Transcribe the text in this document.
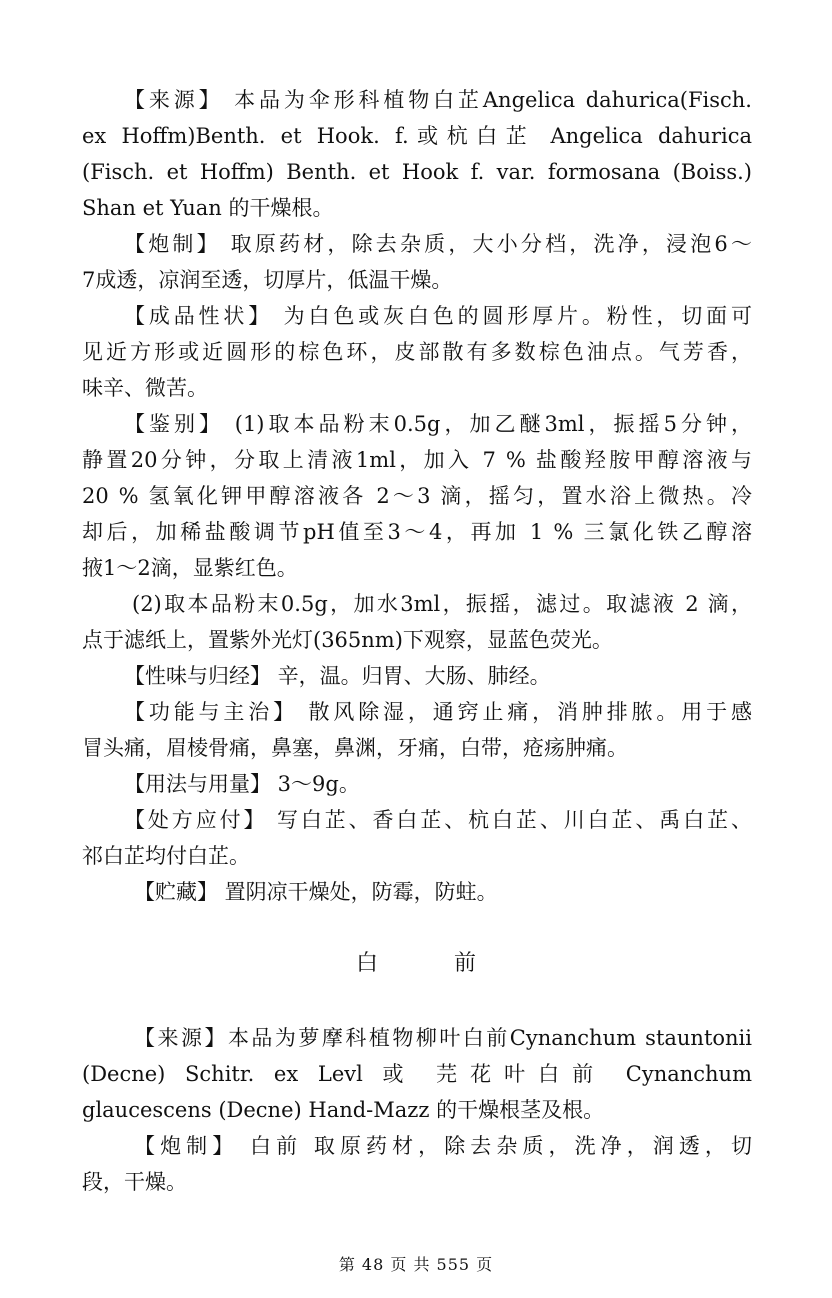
【来源】 本品为伞形科植物白芷Angelica dahurica(Fisch.
ex Hoffm)Benth. et Hook. f.或杭白芷 Angelica dahurica
(Fisch. et Hoffm) Benth. et Hook f. var. formosana (Boiss.)
Shan et Yuan 的干燥根。
【炮制】 取原药材，除去杂质，大小分档，洗净，浸泡6～
7成透，凉润至透，切厚片，低温干燥。
【成品性状】 为白色或灰白色的圆形厚片。粉性，切面可
见近方形或近圆形的棕色环，皮部散有多数棕色油点。气芳香，
味辛、微苦。
【鉴别】 (1)取本品粉末0.5g，加乙醚3ml，振摇5分钟，
静置20分钟，分取上清液1ml，加入 7 % 盐酸羟胺甲醇溶液与
20 % 氢氧化钾甲醇溶液各 2～3 滴，摇匀，置水浴上微热。冷
却后，加稀盐酸调节pH值至3～4，再加 1 % 三氯化铁乙醇溶
掖1～2滴，显紫红色。
(2)取本品粉末0.5g，加水3ml，振摇，滤过。取滤液 2 滴，
点于滤纸上，置紫外光灯(365nm)下观察，显蓝色荧光。
【性味与归经】 辛，温。归胃、大肠、肺经。
【功能与主治】 散风除湿，通窍止痛，消肿排脓。用于感
冒头痛，眉棱骨痛，鼻塞，鼻渊，牙痛，白带，疮疡肿痛。
【用法与用量】 3～9g。
【处方应付】 写白芷、香白芷、杭白芷、川白芷、禹白芷、
祁白芷均付白芷。
【贮藏】 置阴凉干燥处，防霉，防蛀。
白	前
【来源】本品为萝摩科植物柳叶白前Cynanchum stauntonii
(Decne) Schitr. ex Levl 或 芫花叶白前 Cynanchum
glaucescens (Decne) Hand-Mazz 的干燥根茎及根。
【炮制】 白前 取原药材，除去杂质，洗净，润透，切
段，干燥。
第 48 页 共 555 页
